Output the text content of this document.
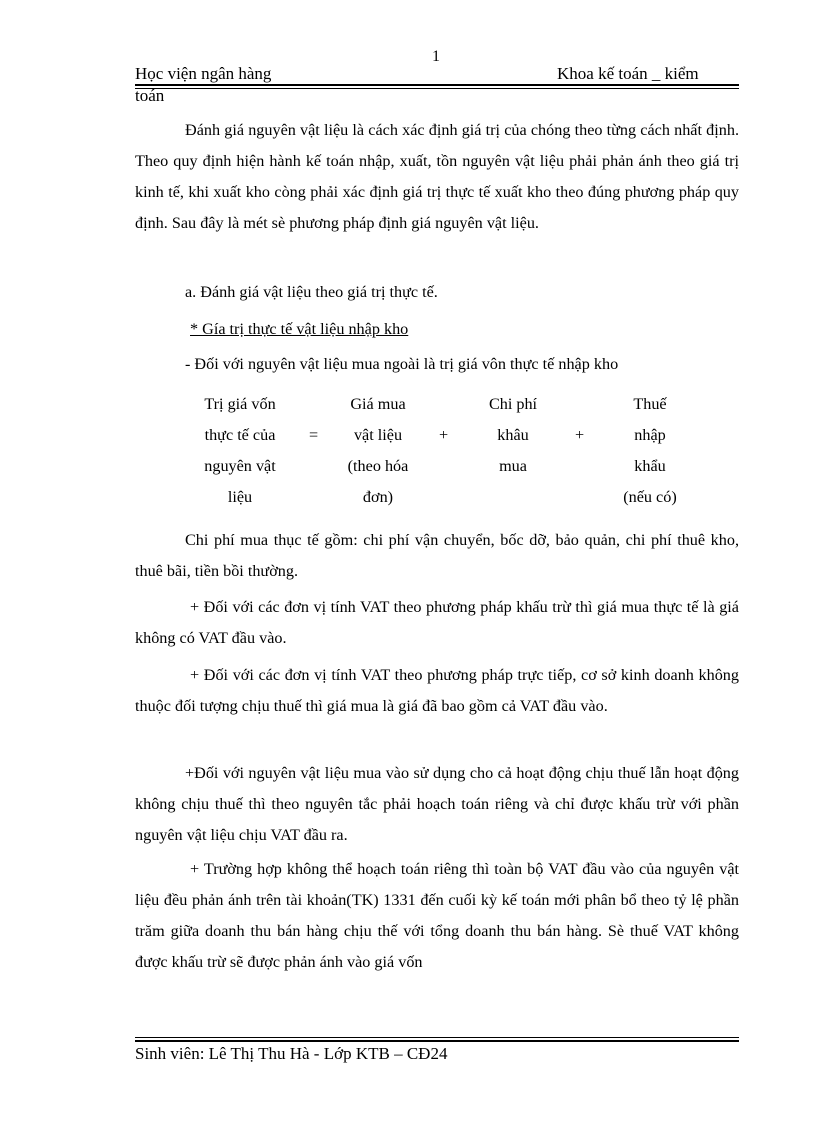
1
Học viện ngân hàng	Khoa kế toán _ kiểm
toán

Đánh giá nguyên vật liệu là cách xác định giá trị của chóng theo từng cách nhất định. Theo quy định hiện hành kế toán nhập, xuất, tồn nguyên vật liệu phải phản ánh theo giá trị kinh tế, khi xuất kho còng phải xác định giá trị thực tế xuất kho theo đúng phương pháp quy định. Sau đây là mét sè phương pháp định giá nguyên vật liệu.

a. Đánh giá vật liệu theo giá trị thực tế.

* Gía trị thực tế vật liệu nhập kho

- Đối với nguyên vật liệu mua ngoài là trị giá vôn thực tế nhập kho

Trị giá vốn
thực tế của
nguyên vật
liệu
=
Giá mua
vật liệu
(theo hóa
đơn)
+
Chi phí
khâu
mua
+
Thuế
nhập
khẩu
(nếu có)

Chi phí mua thục tế gồm: chi phí vận chuyển, bốc dỡ, bảo quản, chi phí thuê kho, thuê bãi, tiền bồi thường.

+ Đối với các đơn vị tính VAT theo phương pháp khấu trừ thì giá mua thực tế là giá không có VAT đầu vào.

+ Đối với các đơn vị tính VAT theo phương pháp trực tiếp, cơ sở kinh doanh không thuộc đối tượng chịu thuế thì giá mua là giá đã bao gồm cả VAT đầu vào.

+Đối với nguyên vật liệu mua vào sử dụng cho cả hoạt động chịu thuế lẫn hoạt động không chịu thuế thì theo nguyên tắc phải hoạch toán riêng và chỉ được khấu trừ với phần nguyên vật liệu chịu VAT đầu ra.

+ Trường hợp không thể hoạch toán riêng thì toàn bộ VAT đầu vào của nguyên vật liệu đều phản ánh trên tài khoản(TK) 1331 đến cuối kỳ kế toán mới phân bổ theo tỷ lệ phần trăm giữa doanh thu bán hàng chịu thế với tổng doanh thu bán hàng. Sè thuế VAT không được khấu trừ sẽ được phản ánh vào giá vốn

Sinh viên: Lê Thị Thu Hà - Lớp KTB – CĐ24
